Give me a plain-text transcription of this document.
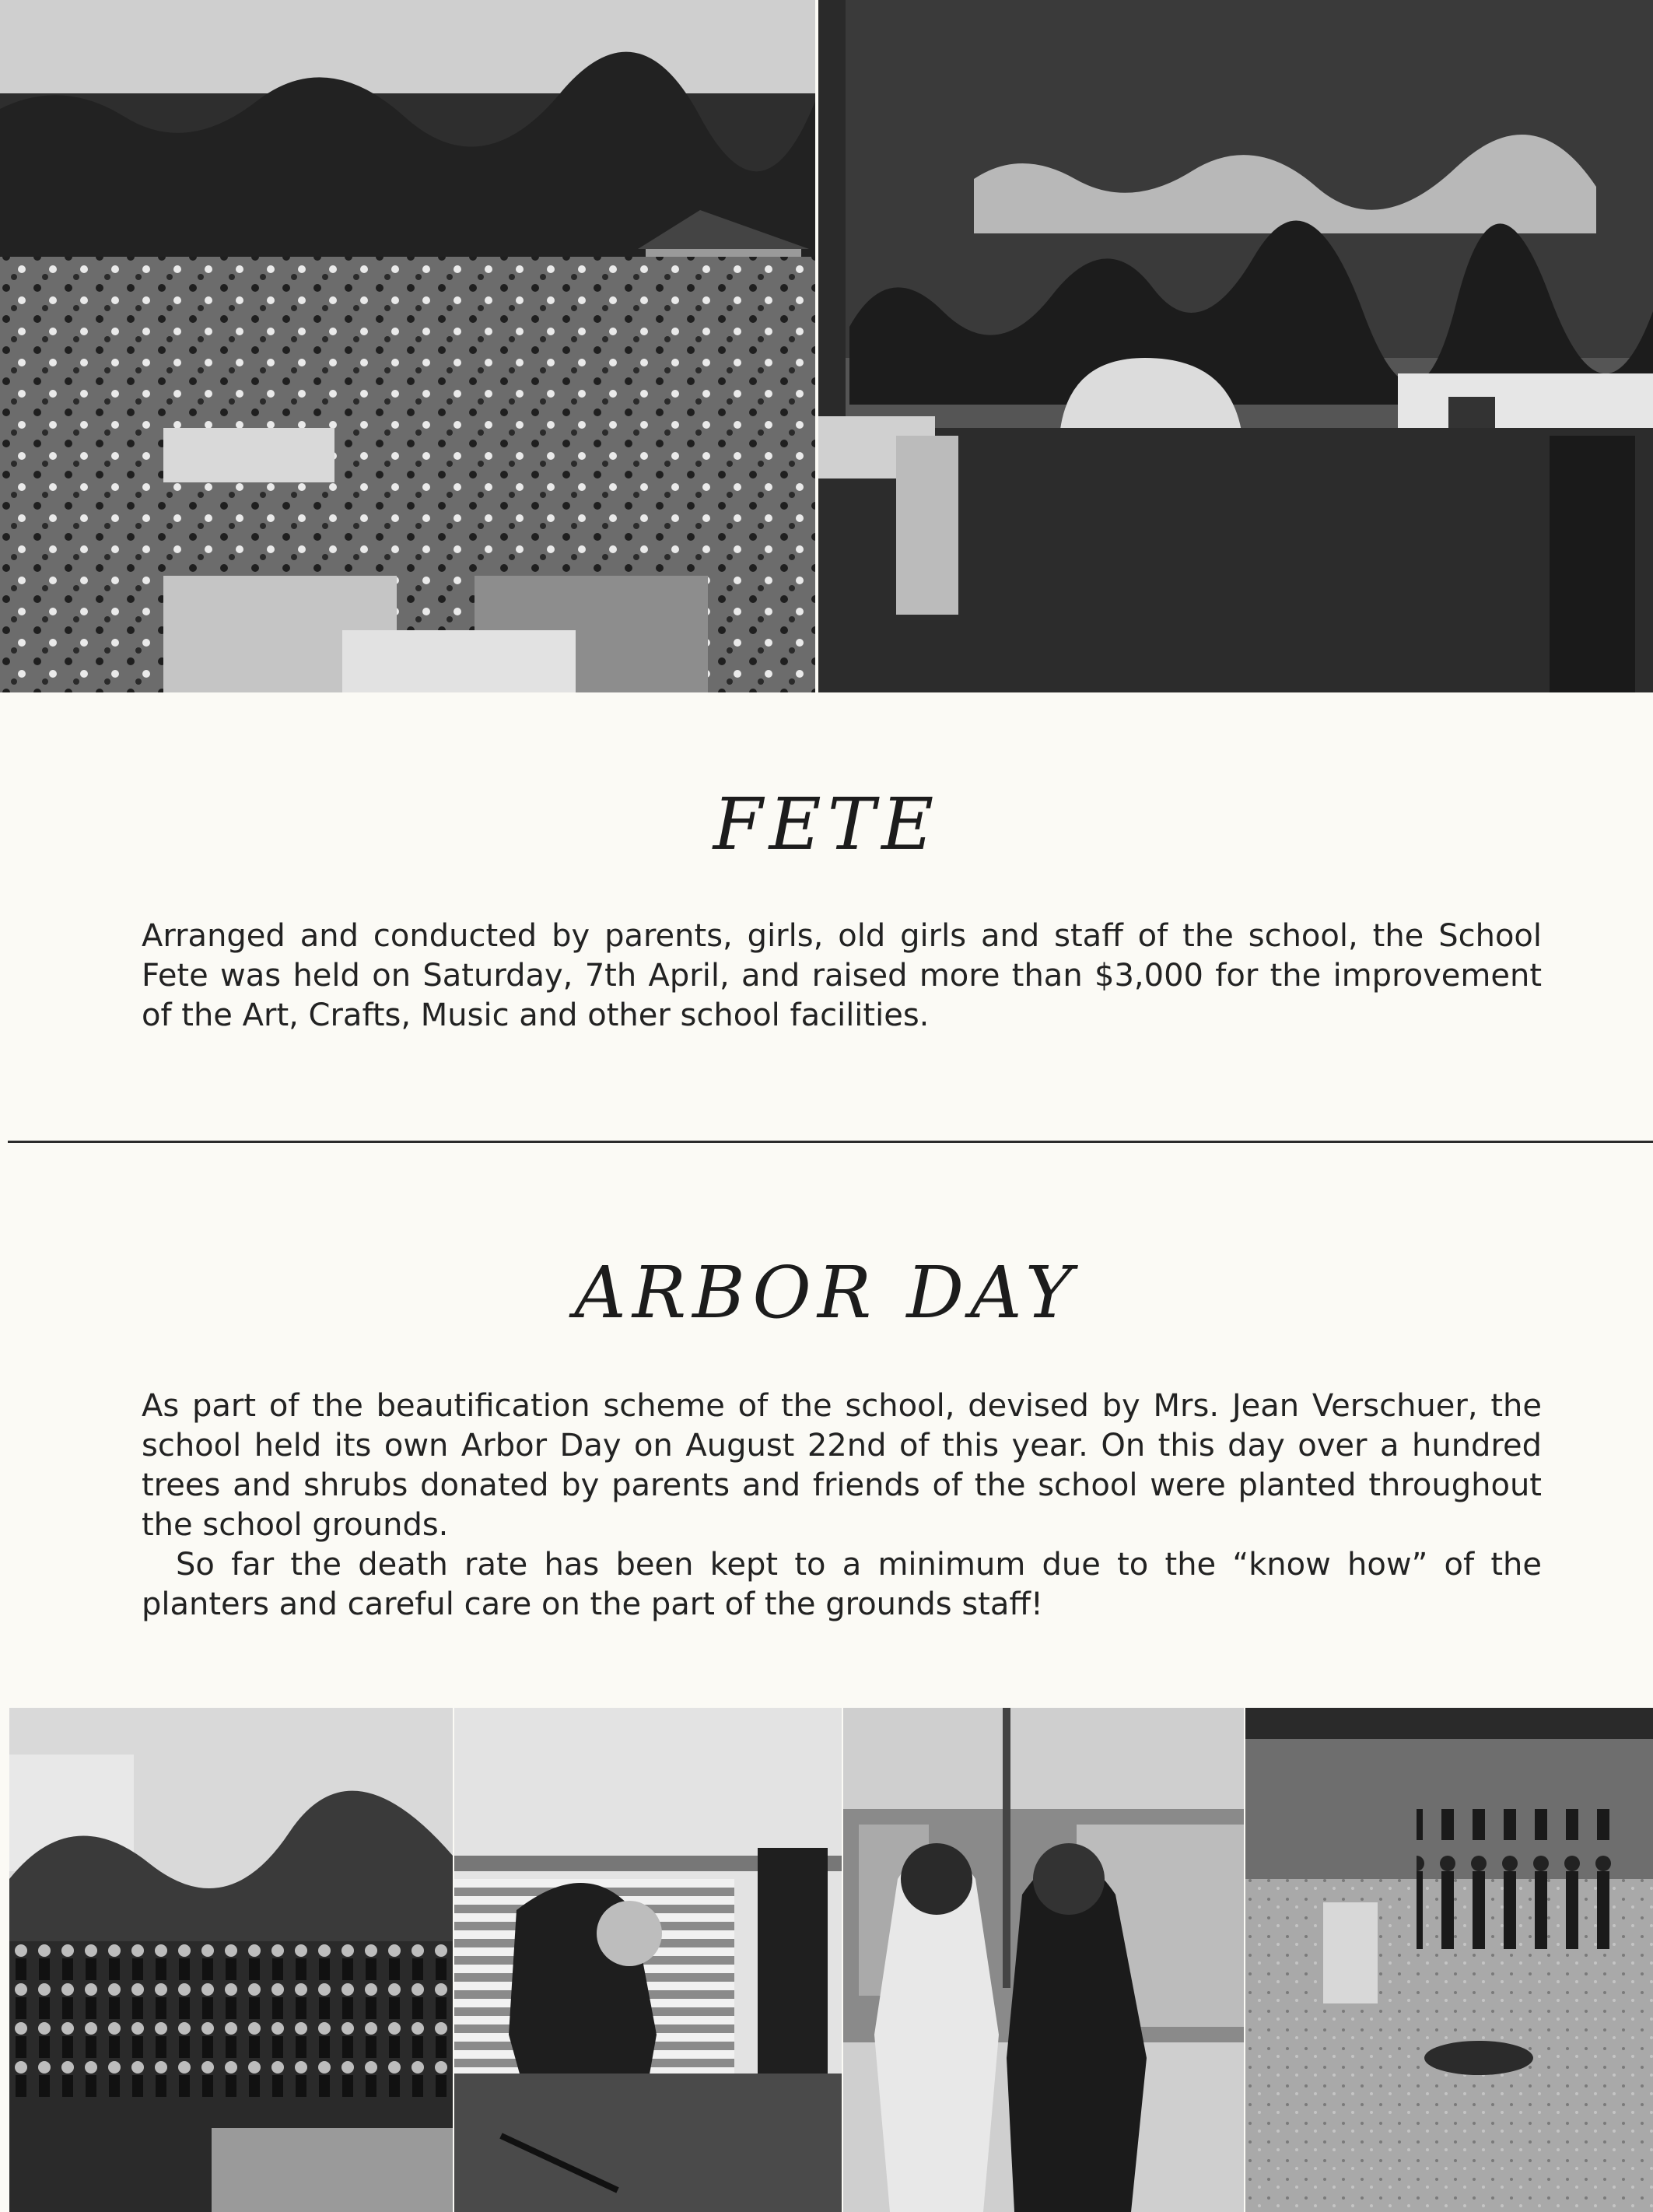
FETE

Arranged and conducted by parents, girls, old girls and staff of the school, the School Fete was held on Saturday, 7th April, and raised more than $3,000 for the improvement of the Art, Crafts, Music and other school facilities.

ARBOR DAY

As part of the beautification scheme of the school, devised by Mrs. Jean Verschuer, the school held its own Arbor Day on August 22nd of this year. On this day over a hundred trees and shrubs donated by parents and friends of the school were planted throughout the school grounds.

So far the death rate has been kept to a minimum due to the “know how” of the planters and careful care on the part of the grounds staff!
